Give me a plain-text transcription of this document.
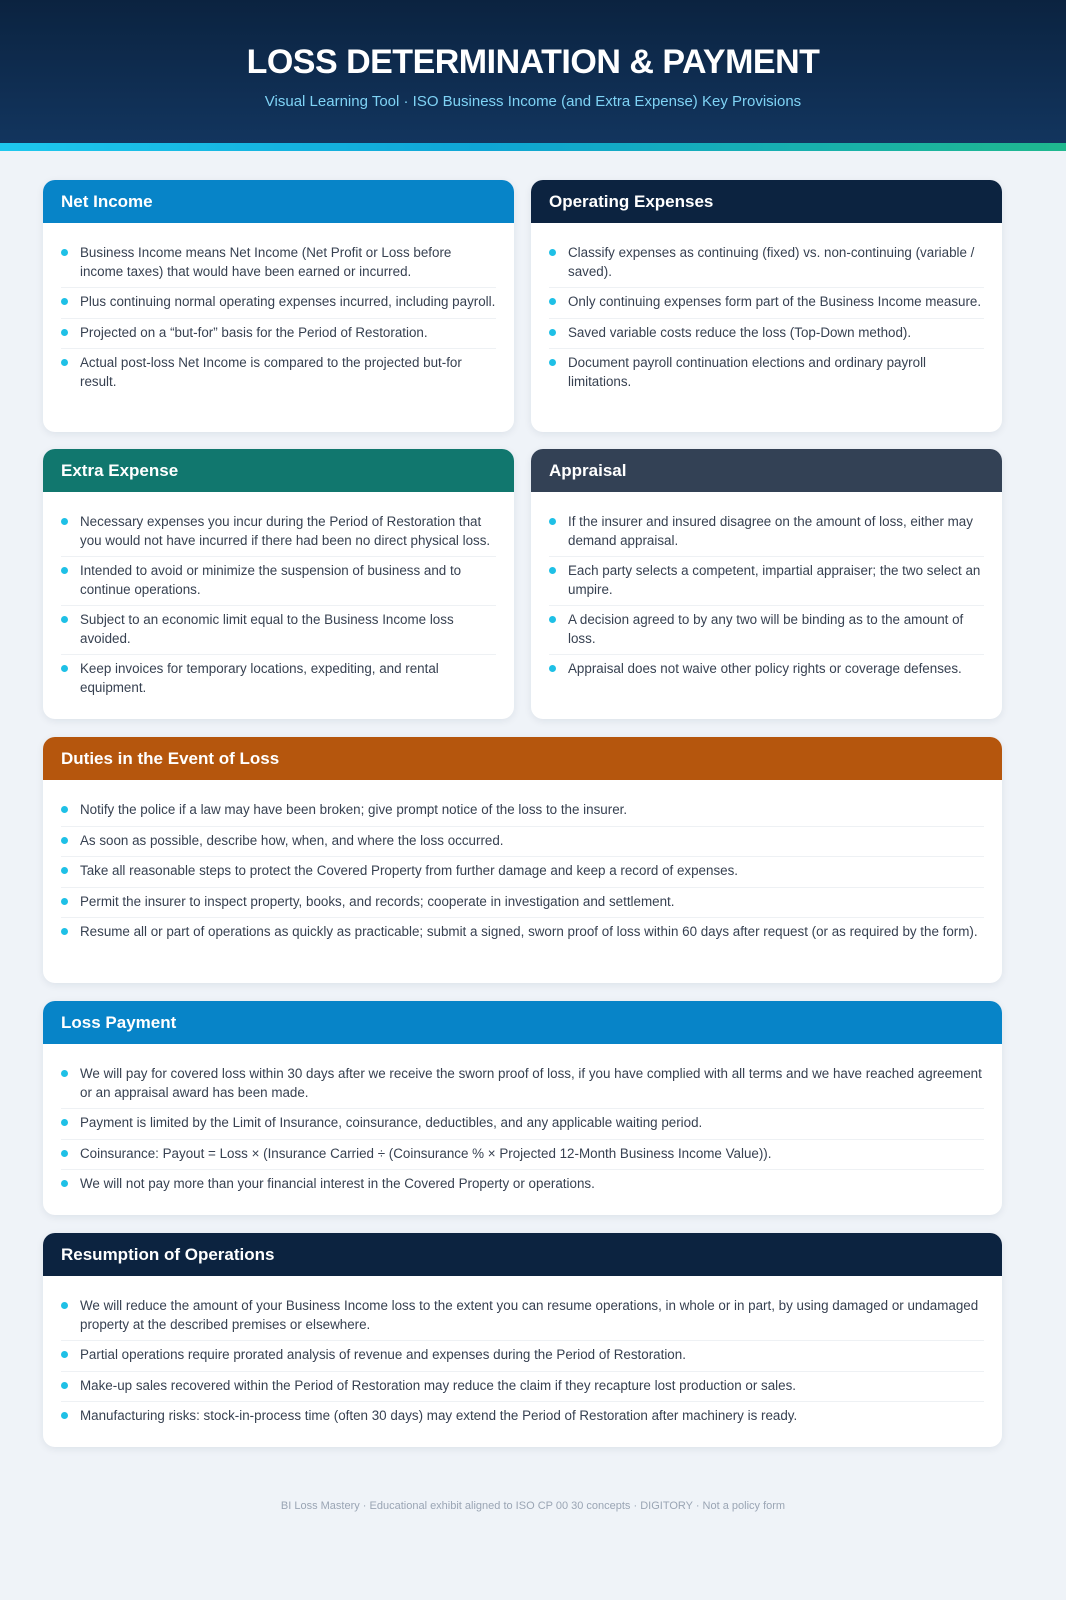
LOSS DETERMINATION & PAYMENT
Visual Learning Tool · ISO Business Income (and Extra Expense) Key Provisions
Net Income
Business Income means Net Income (Net Profit or Loss before income taxes) that would have been earned or incurred.
Plus continuing normal operating expenses incurred, including payroll.
Projected on a “but-for” basis for the Period of Restoration.
Actual post-loss Net Income is compared to the projected but-for result.
Operating Expenses
Classify expenses as continuing (fixed) vs. non-continuing (variable / saved).
Only continuing expenses form part of the Business Income measure.
Saved variable costs reduce the loss (Top-Down method).
Document payroll continuation elections and ordinary payroll limitations.
Extra Expense
Necessary expenses you incur during the Period of Restoration that you would not have incurred if there had been no direct physical loss.
Intended to avoid or minimize the suspension of business and to continue operations.
Subject to an economic limit equal to the Business Income loss avoided.
Keep invoices for temporary locations, expediting, and rental equipment.
Appraisal
If the insurer and insured disagree on the amount of loss, either may demand appraisal.
Each party selects a competent, impartial appraiser; the two select an umpire.
A decision agreed to by any two will be binding as to the amount of loss.
Appraisal does not waive other policy rights or coverage defenses.
Duties in the Event of Loss
Notify the police if a law may have been broken; give prompt notice of the loss to the insurer.
As soon as possible, describe how, when, and where the loss occurred.
Take all reasonable steps to protect the Covered Property from further damage and keep a record of expenses.
Permit the insurer to inspect property, books, and records; cooperate in investigation and settlement.
Resume all or part of operations as quickly as practicable; submit a signed, sworn proof of loss within 60 days after request (or as required by the form).
Loss Payment
We will pay for covered loss within 30 days after we receive the sworn proof of loss, if you have complied with all terms and we have reached agreement or an appraisal award has been made.
Payment is limited by the Limit of Insurance, coinsurance, deductibles, and any applicable waiting period.
Coinsurance: Payout = Loss × (Insurance Carried ÷ (Coinsurance % × Projected 12-Month Business Income Value)).
We will not pay more than your financial interest in the Covered Property or operations.
Resumption of Operations
We will reduce the amount of your Business Income loss to the extent you can resume operations, in whole or in part, by using damaged or undamaged property at the described premises or elsewhere.
Partial operations require prorated analysis of revenue and expenses during the Period of Restoration.
Make-up sales recovered within the Period of Restoration may reduce the claim if they recapture lost production or sales.
Manufacturing risks: stock-in-process time (often 30 days) may extend the Period of Restoration after machinery is ready.
BI Loss Mastery · Educational exhibit aligned to ISO CP 00 30 concepts · DIGITORY · Not a policy form
